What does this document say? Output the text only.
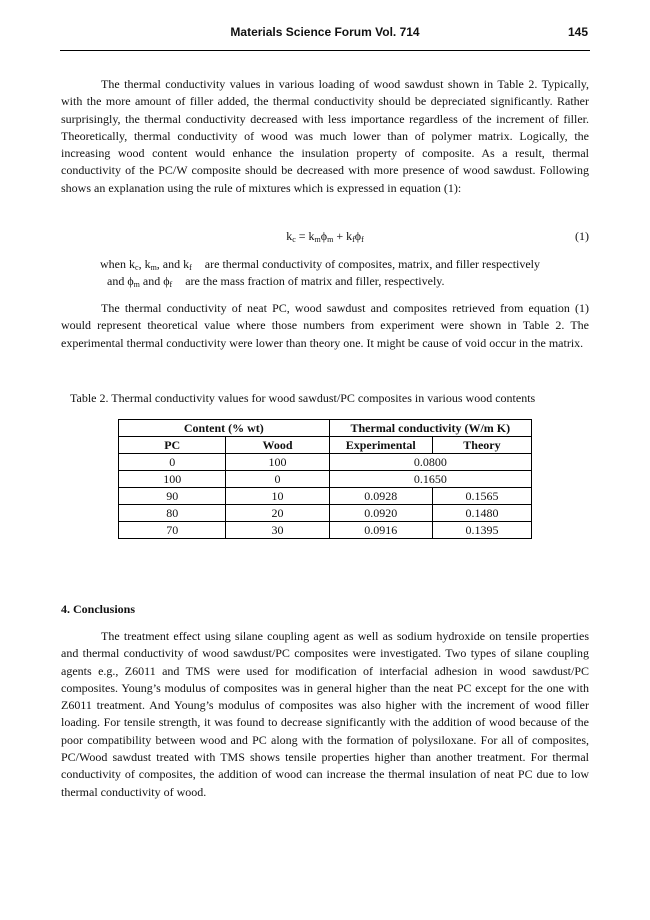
Materials Science Forum Vol. 714	145

The thermal conductivity values in various loading of wood sawdust shown in Table 2. Typically, with the more amount of filler added, the thermal conductivity should be depreciated significantly. Rather surprisingly, the thermal conductivity decreased with less importance regardless of the increment of filler. Theoretically, thermal conductivity of wood was much lower than of polymer matrix. Logically, the increasing wood content would enhance the insulation property of composite. As a result, thermal conductivity of the PC/W composite should be decreased with more presence of wood sawdust. Following shows an explanation using the rule of mixtures which is expressed in equation (1):

$k_c = k_m\phi_m + k_f\phi_f$	(1)
when $k_c$, $k_m$, and $k_f$ are thermal conductivity of composites, matrix, and filler respectively
and $\phi_m$ and $\phi_f$ are the mass fraction of matrix and filler, respectively.

The thermal conductivity of neat PC, wood sawdust and composites retrieved from equation (1) would represent theoretical value where those numbers from experiment were shown in Table 2. The experimental thermal conductivity were lower than theory one. It might be cause of void occur in the matrix.

Table 2. Thermal conductivity values for wood sawdust/PC composites in various wood contents
Content (% wt)		Thermal conductivity (W/m K)	
PC	Wood	Experimental	Theory
0	100	0.0800	
100	0	0.1650	
90	10	0.0928	0.1565
80	20	0.0920	0.1480
70	30	0.0916	0.1395
4. Conclusions

The treatment effect using silane coupling agent as well as sodium hydroxide on tensile properties and thermal conductivity of wood sawdust/PC composites were investigated. Two types of silane coupling agents e.g., Z6011 and TMS were used for modification of interfacial adhesion in wood sawdust/PC composites. Young’s modulus of composites was in general higher than the neat PC except for the one with Z6011 treatment. And Young’s modulus of composites was also higher with the increment of wood filler loading. For tensile strength, it was found to decrease significantly with the addition of wood because of the poor compatibility between wood and PC along with the formation of polysiloxane. For all of composites, PC/Wood sawdust treated with TMS shows tensile properties higher than another treatment. For thermal conductivity of composites, the addition of wood can increase the thermal insulation of neat PC due to low thermal conductivity of wood.
